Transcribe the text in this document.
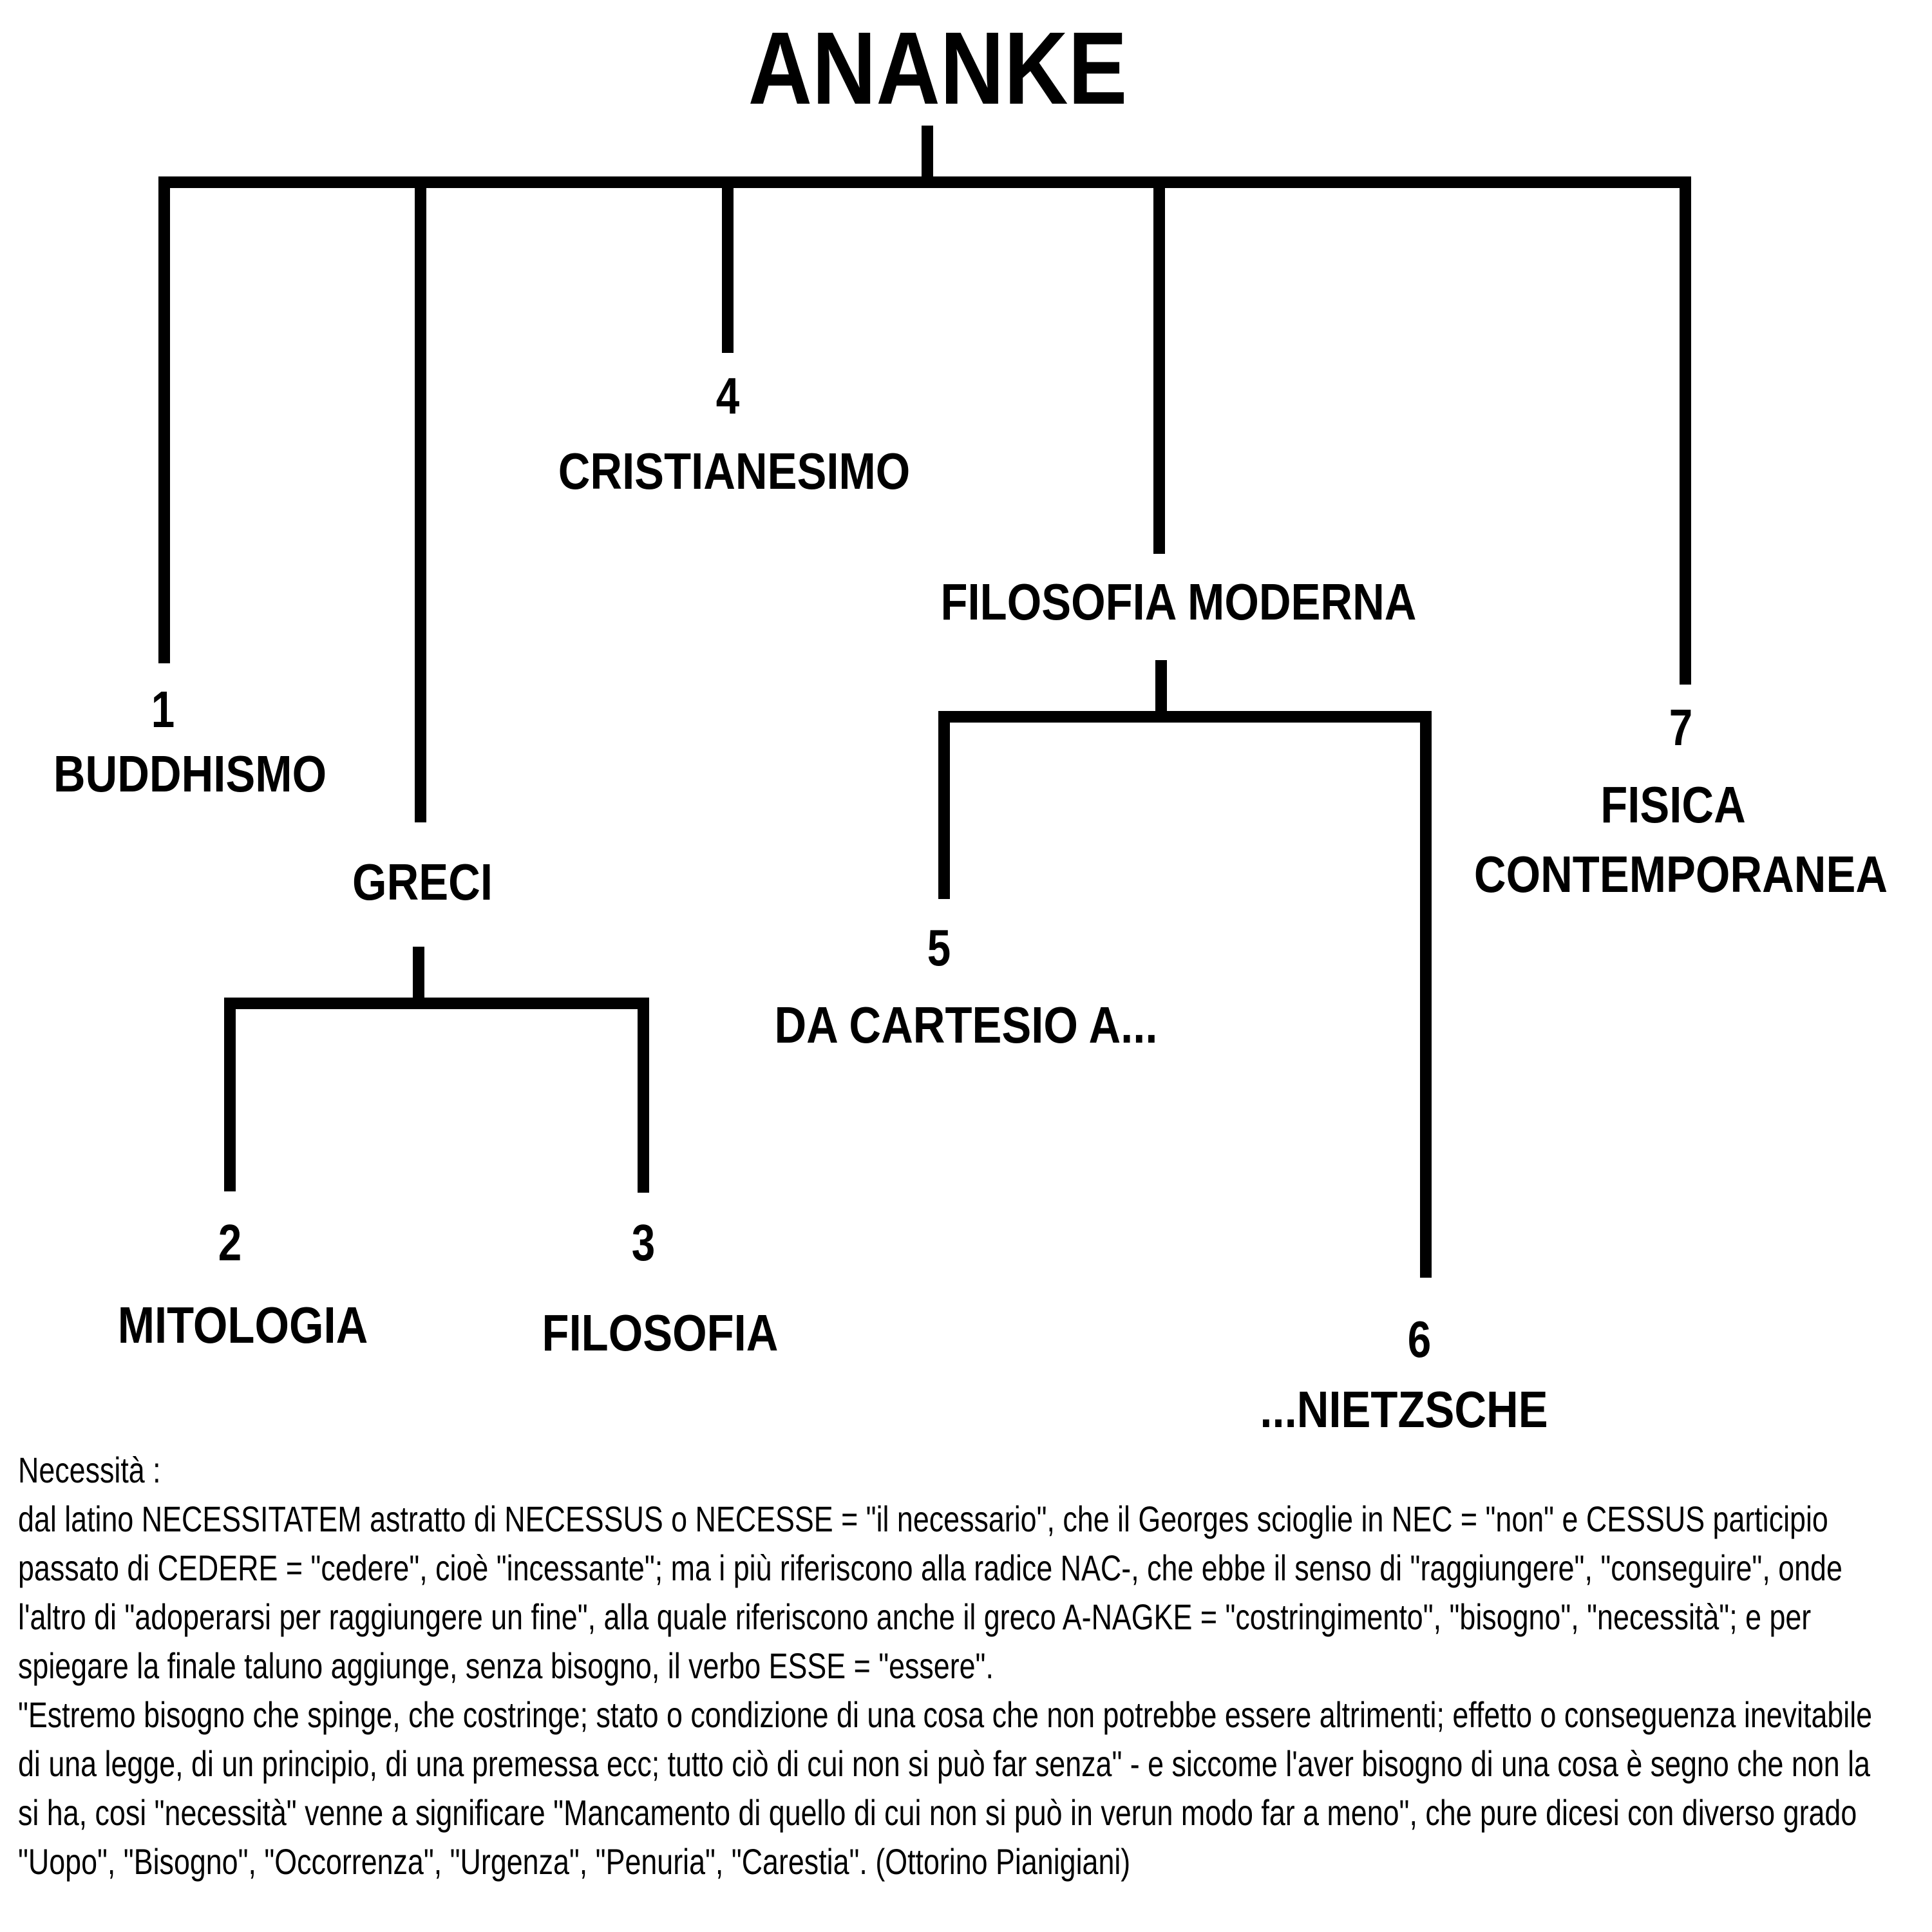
ANANKE
1
BUDDHISMO
GRECI
2
MITOLOGIA
3
FILOSOFIA
4
CRISTIANESIMO
FILOSOFIA MODERNA
5
DA CARTESIO A...
6
...NIETZSCHE
7
FISICA
CONTEMPORANEA

Necessità :

dal latino NECESSITATEM astratto di NECESSUS o NECESSE = "il necessario", che il Georges scioglie in NEC = "non" e CESSUS participio passato di CEDERE = "cedere", cioè "incessante"; ma i più riferiscono alla radice NAC-, che ebbe il senso di "raggiungere", "conseguire", onde l'altro di "adoperarsi per raggiungere un fine", alla quale riferiscono anche il greco A-NAGKE = "costringimento", "bisogno", "necessità"; e per spiegare la finale taluno aggiunge, senza bisogno, il verbo ESSE = "essere".

"Estremo bisogno che spinge, che costringe; stato o condizione di una cosa che non potrebbe essere altrimenti; effetto o conseguenza inevitabile di una legge, di un principio, di una premessa ecc; tutto ciò di cui non si può far senza" - e siccome l'aver bisogno di una cosa è segno che non la si ha, cosi "necessità" venne a significare "Mancamento di quello di cui non si può in verun modo far a meno", che pure dicesi con diverso grado "Uopo", "Bisogno", "Occorrenza", "Urgenza", "Penuria", "Carestia". (Ottorino Pianigiani)
